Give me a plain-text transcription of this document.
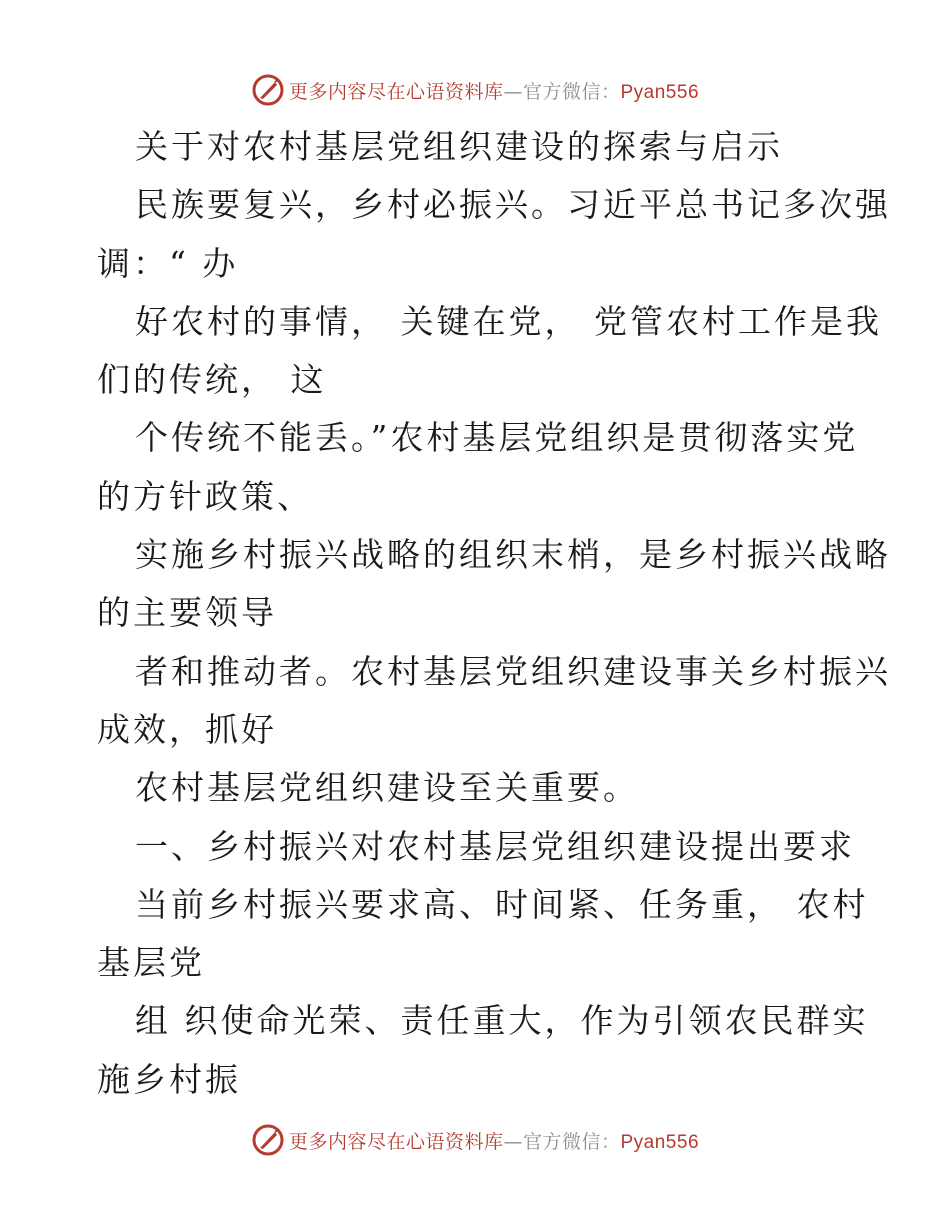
更多内容尽在心语资料库—官方微信：Pyan556
关于对农村基层党组织建设的探索与启示
民族要复兴，乡村必振兴。习近平总书记多次强
调：“ 办
好农村的事情， 关键在党， 党管农村工作是我
们的传统， 这
个传统不能丢。”农村基层党组织是贯彻落实党
的方针政策、
实施乡村振兴战略的组织末梢，是乡村振兴战略
的主要领导
者和推动者。农村基层党组织建设事关乡村振兴
成效，抓好
农村基层党组织建设至关重要。
一、乡村振兴对农村基层党组织建设提出要求
当前乡村振兴要求高、时间紧、任务重， 农村
基层党
组 织使命光荣、责任重大，作为引领农民群实
施乡村振
更多内容尽在心语资料库—官方微信：Pyan556
